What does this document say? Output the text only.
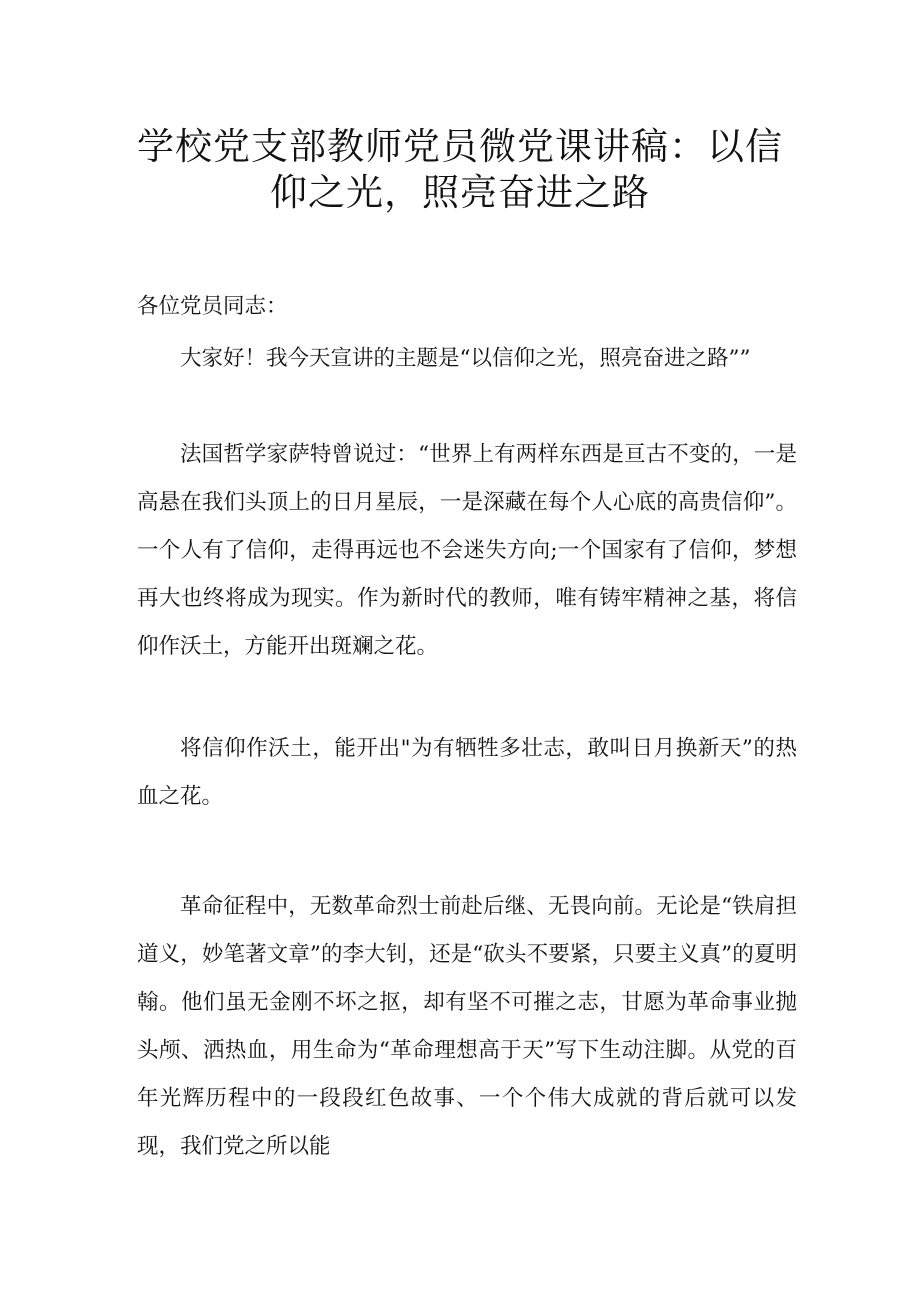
学校党支部教师党员微党课讲稿：以信仰之光，照亮奋进之路

各位党员同志：

大家好！我今天宣讲的主题是“以信仰之光，照亮奋进之路””

法国哲学家萨特曾说过：“世界上有两样东西是亘古不变的，一是高悬在我们头顶上的日月星辰，一是深藏在每个人心底的高贵信仰”。一个人有了信仰，走得再远也不会迷失方向;一个国家有了信仰，梦想再大也终将成为现实。作为新时代的教师，唯有铸牢精神之基，将信仰作沃土，方能开出斑斓之花。

将信仰作沃土，能开出"为有牺牲多壮志，敢叫日月换新天”的热血之花。

革命征程中，无数革命烈士前赴后继、无畏向前。无论是“铁肩担道义，妙笔著文章”的李大钊，还是“砍头不要紧，只要主义真”的夏明翰。他们虽无金刚不坏之抠，却有坚不可摧之志，甘愿为革命事业抛头颅、洒热血，用生命为“革命理想高于天”写下生动注脚。从党的百年光辉历程中的一段段红色故事、一个个伟大成就的背后就可以发现，我们党之所以能
